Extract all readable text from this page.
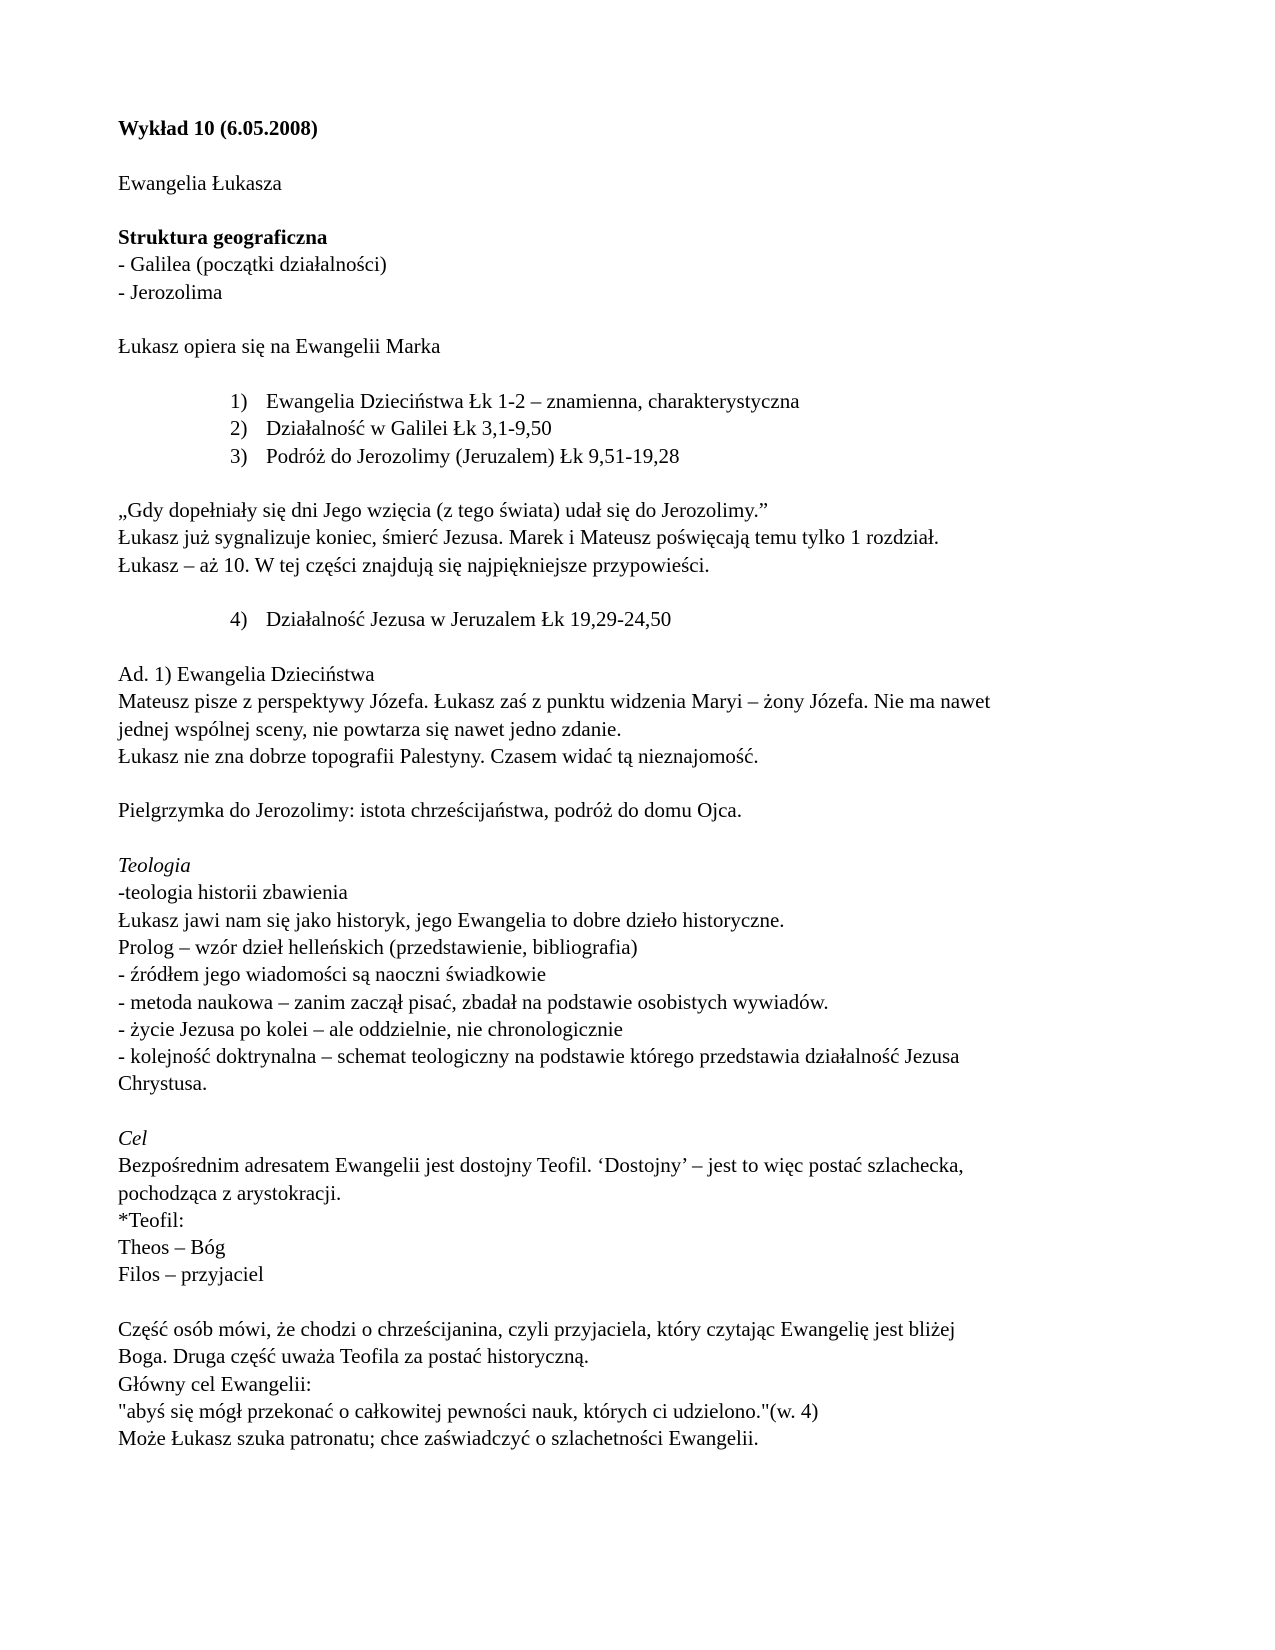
Wykład 10 (6.05.2008)
Ewangelia Łukasza
Struktura geograficzna
- Galilea (początki działalności)
- Jerozolima
Łukasz opiera się na Ewangelii Marka
1) Ewangelia Dzieciństwa Łk 1-2 – znamienna, charakterystyczna
2) Działalność w Galilei Łk 3,1-9,50
3) Podróż do Jerozolimy (Jeruzalem) Łk 9,51-19,28
„Gdy dopełniały się dni Jego wzięcia (z tego świata) udał się do Jerozolimy.”
Łukasz już sygnalizuje koniec, śmierć Jezusa. Marek i Mateusz poświęcają temu tylko 1 rozdział.
Łukasz – aż 10. W tej części znajdują się najpiękniejsze przypowieści.
4) Działalność Jezusa w Jeruzalem Łk 19,29-24,50
Ad. 1) Ewangelia Dzieciństwa
Mateusz pisze z perspektywy Józefa. Łukasz zaś z punktu widzenia Maryi – żony Józefa. Nie ma nawet
jednej wspólnej sceny, nie powtarza się nawet jedno zdanie.
Łukasz nie zna dobrze topografii Palestyny. Czasem widać tą nieznajomość.
Pielgrzymka do Jerozolimy: istota chrześcijaństwa, podróż do domu Ojca.
Teologia
-teologia historii zbawienia
Łukasz jawi nam się jako historyk, jego Ewangelia to dobre dzieło historyczne.
Prolog – wzór dzieł helleńskich (przedstawienie, bibliografia)
- źródłem jego wiadomości są naoczni świadkowie
- metoda naukowa – zanim zaczął pisać, zbadał na podstawie osobistych wywiadów.
- życie Jezusa po kolei – ale oddzielnie, nie chronologicznie
- kolejność doktrynalna – schemat teologiczny na podstawie którego przedstawia działalność Jezusa
Chrystusa.
Cel
Bezpośrednim adresatem Ewangelii jest dostojny Teofil. ‘Dostojny’ – jest to więc postać szlachecka,
pochodząca z arystokracji.
*Teofil:
Theos – Bóg
Filos – przyjaciel
Część osób mówi, że chodzi o chrześcijanina, czyli przyjaciela, który czytając Ewangelię jest bliżej
Boga. Druga część uważa Teofila za postać historyczną.
Główny cel Ewangelii:
"abyś się mógł przekonać o całkowitej pewności nauk, których ci udzielono."(w. 4)
Może Łukasz szuka patronatu; chce zaświadczyć o szlachetności Ewangelii.
